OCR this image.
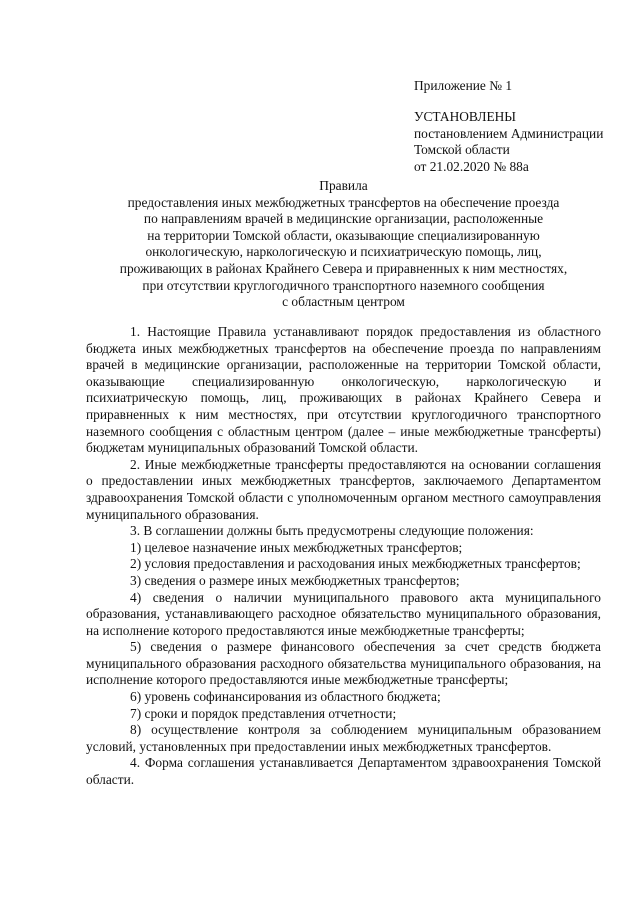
Приложение № 1
УСТАНОВЛЕНЫ
постановлением Администрации
Томской области
от 21.02.2020 № 88а
Правила
предоставления иных межбюджетных трансфертов на обеспечение проезда
по направлениям врачей в медицинские организации, расположенные
на территории Томской области, оказывающие специализированную
онкологическую, наркологическую и психиатрическую помощь, лиц,
проживающих в районах Крайнего Севера и приравненных к ним местностях,
при отсутствии круглогодичного транспортного наземного сообщения
с областным центром

1. Настоящие Правила устанавливают порядок предоставления из областного бюджета иных межбюджетных трансфертов на обеспечение проезда по направлениям врачей в медицинские организации, расположенные на территории Томской области, оказывающие специализированную онкологическую, наркологическую и психиатрическую помощь, лиц, проживающих в районах Крайнего Севера и приравненных к ним местностях, при отсутствии круглогодичного транспортного наземного сообщения с областным центром (далее – иные межбюджетные трансферты) бюджетам муниципальных образований Томской области.

2. Иные межбюджетные трансферты предоставляются на основании соглашения о предоставлении иных межбюджетных трансфертов, заключаемого Департаментом здравоохранения Томской области с уполномоченным органом местного самоуправления муниципального образования.

3. В соглашении должны быть предусмотрены следующие положения:

1) целевое назначение иных межбюджетных трансфертов;

2) условия предоставления и расходования иных межбюджетных трансфертов;

3) сведения о размере иных межбюджетных трансфертов;

4) сведения о наличии муниципального правового акта муниципального образования, устанавливающего расходное обязательство муниципального образования, на исполнение которого предоставляются иные межбюджетные трансферты;

5) сведения о размере финансового обеспечения за счет средств бюджета муниципального образования расходного обязательства муниципального образования, на исполнение которого предоставляются иные межбюджетные трансферты;

6) уровень софинансирования из областного бюджета;

7) сроки и порядок представления отчетности;

8) осуществление контроля за соблюдением муниципальным образованием условий, установленных при предоставлении иных межбюджетных трансфертов.

4. Форма соглашения устанавливается Департаментом здравоохранения Томской области.
